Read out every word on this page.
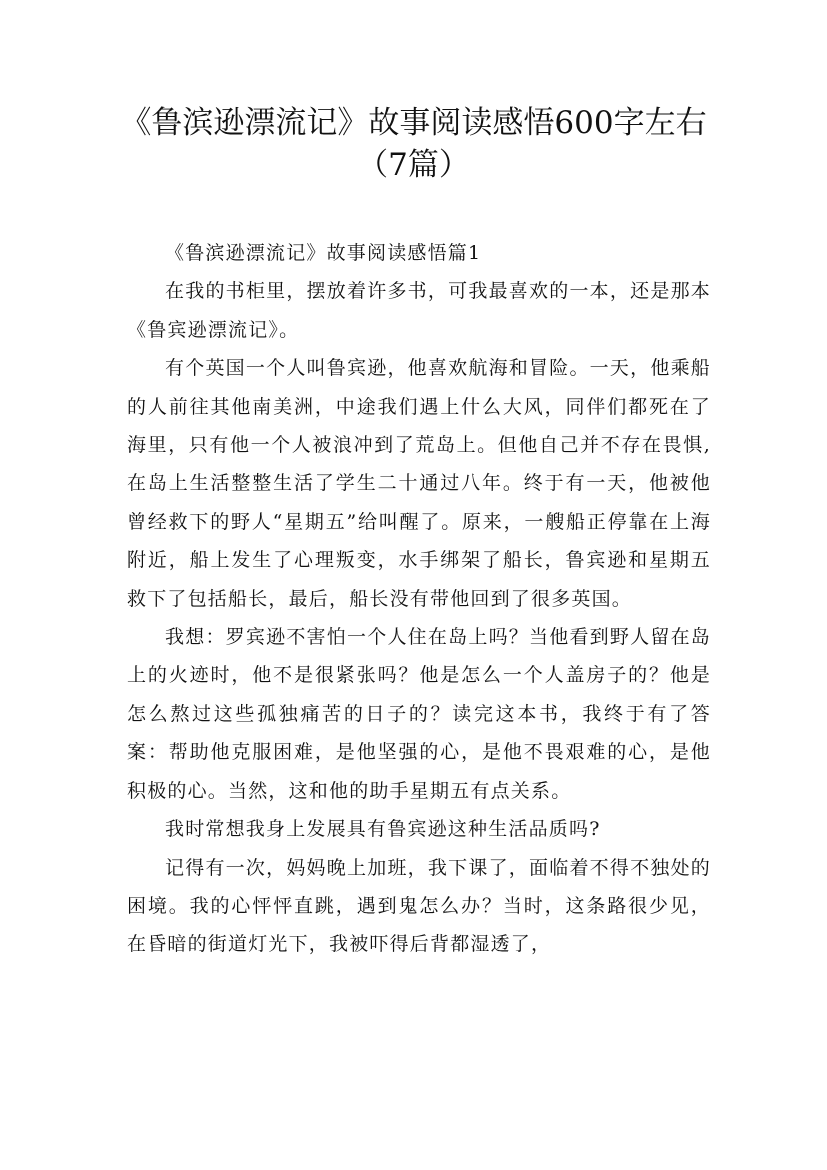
《鲁滨逊漂流记》故事阅读感悟600字左右
（7篇）

《鲁滨逊漂流记》故事阅读感悟篇1

在我的书柜里，摆放着许多书，可我最喜欢的一本，还是那本《鲁宾逊漂流记》。

有个英国一个人叫鲁宾逊，他喜欢航海和冒险。一天，他乘船的人前往其他南美洲，中途我们遇上什么大风，同伴们都死在了海里，只有他一个人被浪冲到了荒岛上。但他自己并不存在畏惧,在岛上生活整整生活了学生二十通过八年。终于有一天，他被他曾经救下的野人“星期五”给叫醒了。原来，一艘船正停靠在上海附近，船上发生了心理叛变，水手绑架了船长，鲁宾逊和星期五救下了包括船长，最后，船长没有带他回到了很多英国。

我想：罗宾逊不害怕一个人住在岛上吗？当他看到野人留在岛上的火迹时，他不是很紧张吗？他是怎么一个人盖房子的？他是怎么熬过这些孤独痛苦的日子的？读完这本书，我终于有了答案：帮助他克服困难，是他坚强的心，是他不畏艰难的心，是他积极的心。当然，这和他的助手星期五有点关系。

我时常想我身上发展具有鲁宾逊这种生活品质吗?

记得有一次，妈妈晚上加班，我下课了，面临着不得不独处的困境。我的心怦怦直跳，遇到鬼怎么办？当时，这条路很少见，在昏暗的街道灯光下，我被吓得后背都湿透了，
